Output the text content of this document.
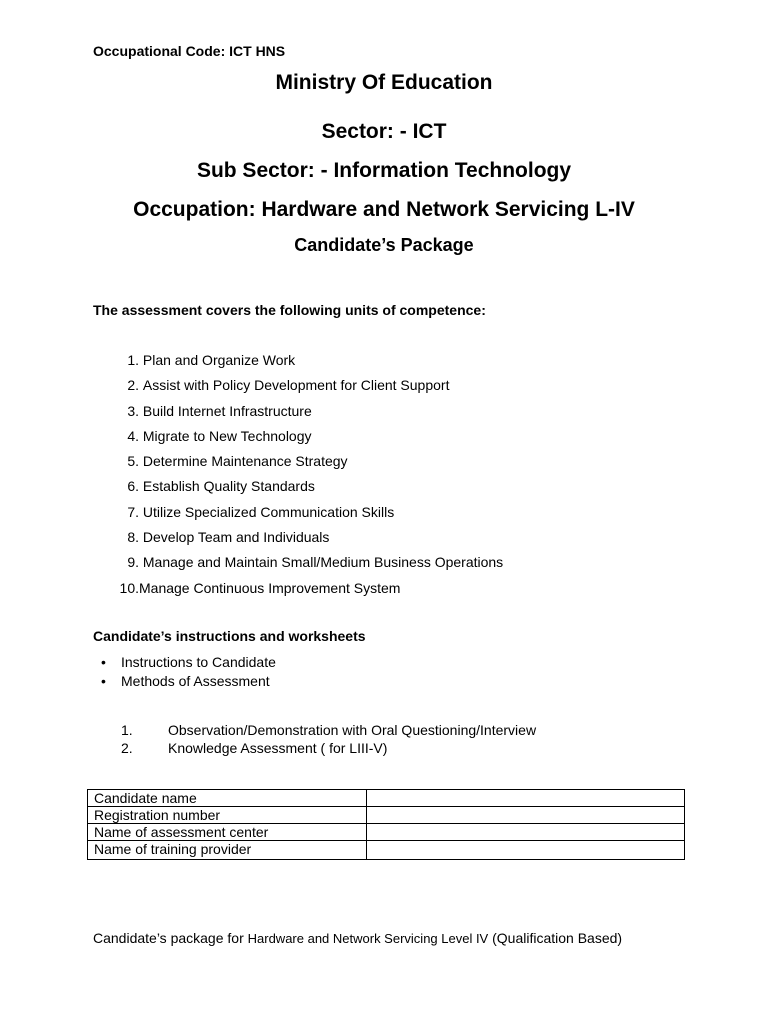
Occupational Code: ICT HNS
Ministry Of Education
Sector: - ICT
Sub Sector: - Information Technology
Occupation: Hardware and Network Servicing L-IV
Candidate’s Package
The assessment covers the following units of competence:
1. Plan and Organize Work
2. Assist with Policy Development for Client Support
3. Build Internet Infrastructure
4. Migrate to New Technology
5. Determine Maintenance Strategy
6. Establish Quality Standards
7. Utilize Specialized Communication Skills
8. Develop Team and Individuals
9. Manage and Maintain Small/Medium Business Operations
10.Manage Continuous Improvement System
Candidate’s instructions and worksheets
• Instructions to Candidate
• Methods of Assessment
1.	Observation/Demonstration with Oral Questioning/Interview
2.	Knowledge Assessment ( for LIII-V)
Candidate name	
Registration number	
Name of assessment center	
Name of training provider	
Candidate’s package for Hardware and Network Servicing Level IV (Qualification Based)
